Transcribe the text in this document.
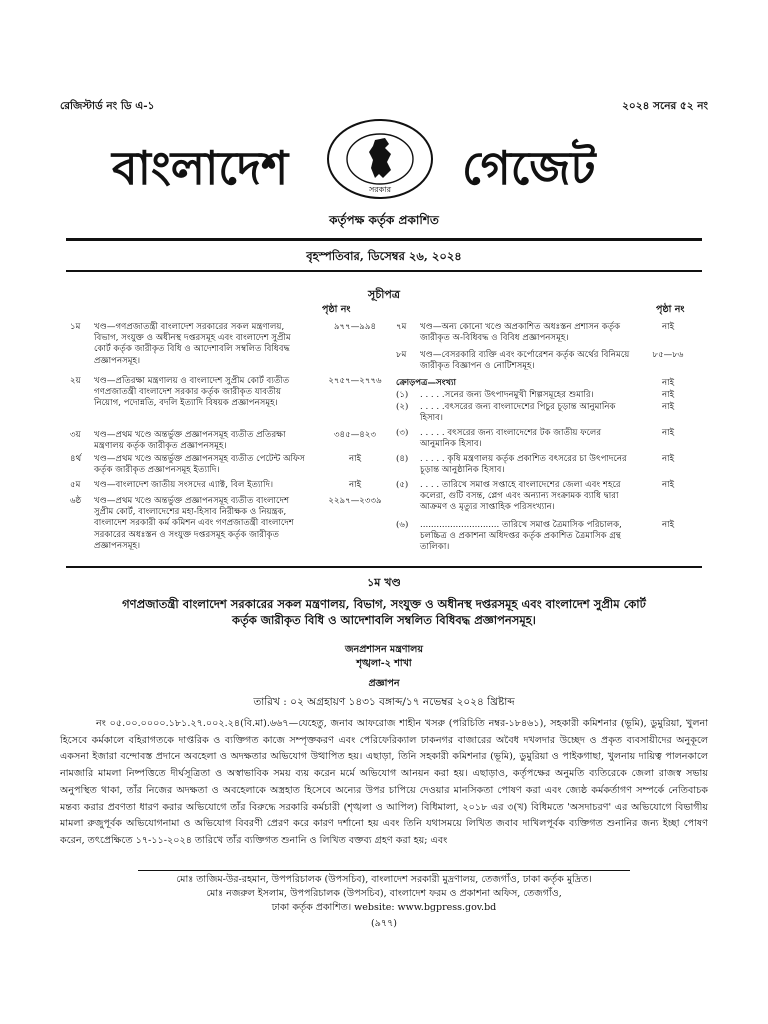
রেজিস্টার্ড নং ডি এ-১	২০২৪ সনের ৫২ নং
বাংলাদেশ	গেজেট
সরকার
কর্তৃপক্ষ কর্তৃক প্রকাশিত
বৃহস্পতিবার, ডিসেম্বর ২৬, ২০২৪
সূচীপত্র
পৃষ্ঠা নং	পৃষ্ঠা নং
১ম খণ্ড—গণপ্রজাতন্ত্রী বাংলাদেশ সরকারের সকল মন্ত্রণালয়, বিভাগ, সংযুক্ত ও অধীনস্থ দপ্তরসমূহ এবং বাংলাদেশ সুপ্রীম কোর্ট কর্তৃক জারীকৃত বিধি ও আদেশাবলি সম্বলিত বিধিবদ্ধ প্রজ্ঞাপনসমূহ।
৯৭৭—৯৯৪
২য় খণ্ড—প্রতিরক্ষা মন্ত্রণালয় ও বাংলাদেশ সুপ্রীম কোর্ট ব্যতীত গণপ্রজাতন্ত্রী বাংলাদেশ সরকার কর্তৃক জারীকৃত যাবতীয় নিয়োগ, পদোন্নতি, বদলি ইত্যাদি বিষয়ক প্রজ্ঞাপনসমূহ।
২৭৫৭—২৭৭৬
৩য় খণ্ড—প্রথম খণ্ডে অন্তর্ভুক্ত প্রজ্ঞাপনসমূহ ব্যতীত প্রতিরক্ষা মন্ত্রণালয় কর্তৃক জারীকৃত প্রজ্ঞাপনসমূহ।
৩৪৫—৪২৩
৪র্থ খণ্ড—প্রথম খণ্ডে অন্তর্ভুক্ত প্রজ্ঞাপনসমূহ ব্যতীত পেটেন্ট অফিস কর্তৃক জারীকৃত প্রজ্ঞাপনসমূহ ইত্যাদি।
নাই
৫ম খণ্ড—বাংলাদেশ জাতীয় সংসদের এ্যাক্ট, বিল ইত্যাদি।	নাই
৬ষ্ঠ খণ্ড—প্রথম খণ্ডে অন্তর্ভুক্ত প্রজ্ঞাপনসমূহ ব্যতীত বাংলাদেশ সুপ্রীম কোর্ট, বাংলাদেশের মহা-হিসাব নিরীক্ষক ও নিয়ন্ত্রক, বাংলাদেশ সরকারী কর্ম কমিশন এবং গণপ্রজাতন্ত্রী বাংলাদেশ সরকারের অধঃস্তন ও সংযুক্ত দপ্তরসমূহ কর্তৃক জারীকৃত প্রজ্ঞাপনসমূহ।
২২৯৭—২৩৩৯
৭ম খণ্ড—অন্য কোনো খণ্ডে অপ্রকাশিত অধঃস্তন প্রশাসন কর্তৃক জারীকৃত অ-বিধিবদ্ধ ও বিবিধ প্রজ্ঞাপনসমূহ।
নাই
৮ম খণ্ড—বেসরকারি ব্যক্তি এবং কর্পোরেশন কর্তৃক অর্থের বিনিময়ে জারীকৃত বিজ্ঞাপন ও নোটিশসমূহ।
৮৫—৮৬
ক্রোড়পত্র—সংখ্যা	নাই
(১) . . . . .সনের জন্য উৎপাদনমুখী শিল্পসমূহের শুমারি।	নাই
(২) . . . . .বৎসরের জন্য বাংলাদেশের পিচুর চূড়ান্ত আনুমানিক হিসাব।
নাই
(৩) . . . . . বৎসরের জন্য বাংলাদেশের টক জাতীয় ফলের আনুমানিক হিসাব।
নাই
(৪) . . . . . কৃষি মন্ত্রণালয় কর্তৃক প্রকাশিত বৎসরের চা উৎপাদনের চূড়ান্ত আনুষ্ঠানিক হিসাব।
নাই
(৫) . . . . তারিখে সমাপ্ত সপ্তাহে বাংলাদেশের জেলা এবং শহরে কলেরা, গুটি বসন্ত, প্লেগ এবং অন্যান্য সংক্রামক ব্যাধি দ্বারা আক্রমণ ও মৃত্যুর সাপ্তাহিক পরিসংখ্যান।
নাই
(৬) ............................. তারিখে সমাপ্ত ত্রৈমাসিক পরিচালক, চলচ্চিত্র ও প্রকাশনা অধিদপ্তর কর্তৃক প্রকাশিত ত্রৈমাসিক গ্রন্থ তালিকা।
নাই
১ম খণ্ড
গণপ্রজাতন্ত্রী বাংলাদেশ সরকারের সকল মন্ত্রণালয়, বিভাগ, সংযুক্ত ও অধীনস্থ দপ্তরসমূহ এবং বাংলাদেশ সুপ্রীম কোর্ট
কর্তৃক জারীকৃত বিধি ও আদেশাবলি সম্বলিত বিধিবদ্ধ প্রজ্ঞাপনসমূহ।
জনপ্রশাসন মন্ত্রণালয়
শৃঙ্খলা-২ শাখা
প্রজ্ঞাপন
তারিখ : ০২ অগ্রহায়ণ ১৪৩১ বঙ্গাব্দ/১৭ নভেম্বর ২০২৪ খ্রিষ্টাব্দ
নং ০৫.০০.০০০০.১৮১.২৭.০০২.২৪(বি.মা).৬৬৭—যেহেতু, জনাব আফরোজ শাহীন খসরু (পরিচিতি নম্বর-১৮৪৬১), সহকারী কমিশনার (ভূমি), ডুমুরিয়া, খুলনা হিসেবে কর্মকালে বহিরাগতকে দাপ্তরিক ও ব্যক্তিগত কাজে সম্পৃক্তকরণ এবং পেরিফেরিক্যাল ঢাকনগর বাজারের অবৈধ দখলদার উচ্ছেদ ও প্রকৃত ব্যবসায়ীদের অনুকূলে একসনা ইজারা বন্দোবস্ত প্রদানে অবহেলা ও অদক্ষতার অভিযোগ উত্থাপিত হয়। এছাড়া, তিনি সহকারী কমিশনার (ভূমি), ডুমুরিয়া ও পাইকগাছা, খুলনায় দায়িত্ব পালনকালে নামজারি মামলা নিষ্পত্তিতে দীর্ঘসূত্রিতা ও অস্বাভাবিক সময় ব্যয় করেন মর্মে অভিযোগ আনয়ন করা হয়। এছাড়াও, কর্তৃপক্ষের অনুমতি ব্যতিরেকে জেলা রাজস্ব সভায় অনুপস্থিত থাকা, তাঁর নিজের অদক্ষতা ও অবহেলাকে অস্ত্রহাত হিসেবে অন্যের উপর চাপিয়ে দেওয়ার মানসিকতা পোষণ করা এবং জ্যেষ্ঠ কর্মকর্তাগণ সম্পর্কে নেতিবাচক মন্তব্য করার প্রবণতা ধারণ করার অভিযোগে তাঁর বিরুদ্ধে সরকারি কর্মচারী (শৃঙ্খলা ও আপিল) বিধিমালা, ২০১৮ এর ৩(খ) বিধিমতে 'অসদাচরণ' এর অভিযোগে বিভাগীয় মামলা রুজুপূর্বক অভিযোগনামা ও অভিযোগ বিবরণী প্রেরণ করে কারণ দর্শানো হয় এবং তিনি যথাসময়ে লিখিত জবাব দাখিলপূর্বক ব্যক্তিগত শুনানির জন্য ইচ্ছা পোষণ করেন, তৎপ্রেক্ষিতে ১৭-১১-২০২৪ তারিখে তাঁর ব্যক্তিগত শুনানি ও লিখিত বক্তব্য গ্রহণ করা হয়; এবং
মোঃ তাজিম-উর-রহমান, উপপরিচালক (উপসচিব), বাংলাদেশ সরকারী মুদ্রণালয়, তেজগাঁও, ঢাকা কর্তৃক মুদ্রিত।
মোঃ নজরুল ইসলাম, উপপরিচালক (উপসচিব), বাংলাদেশ ফরম ও প্রকাশনা অফিস, তেজগাঁও,
ঢাকা কর্তৃক প্রকাশিত। website: www.bgpress.gov.bd
(৯৭৭)
